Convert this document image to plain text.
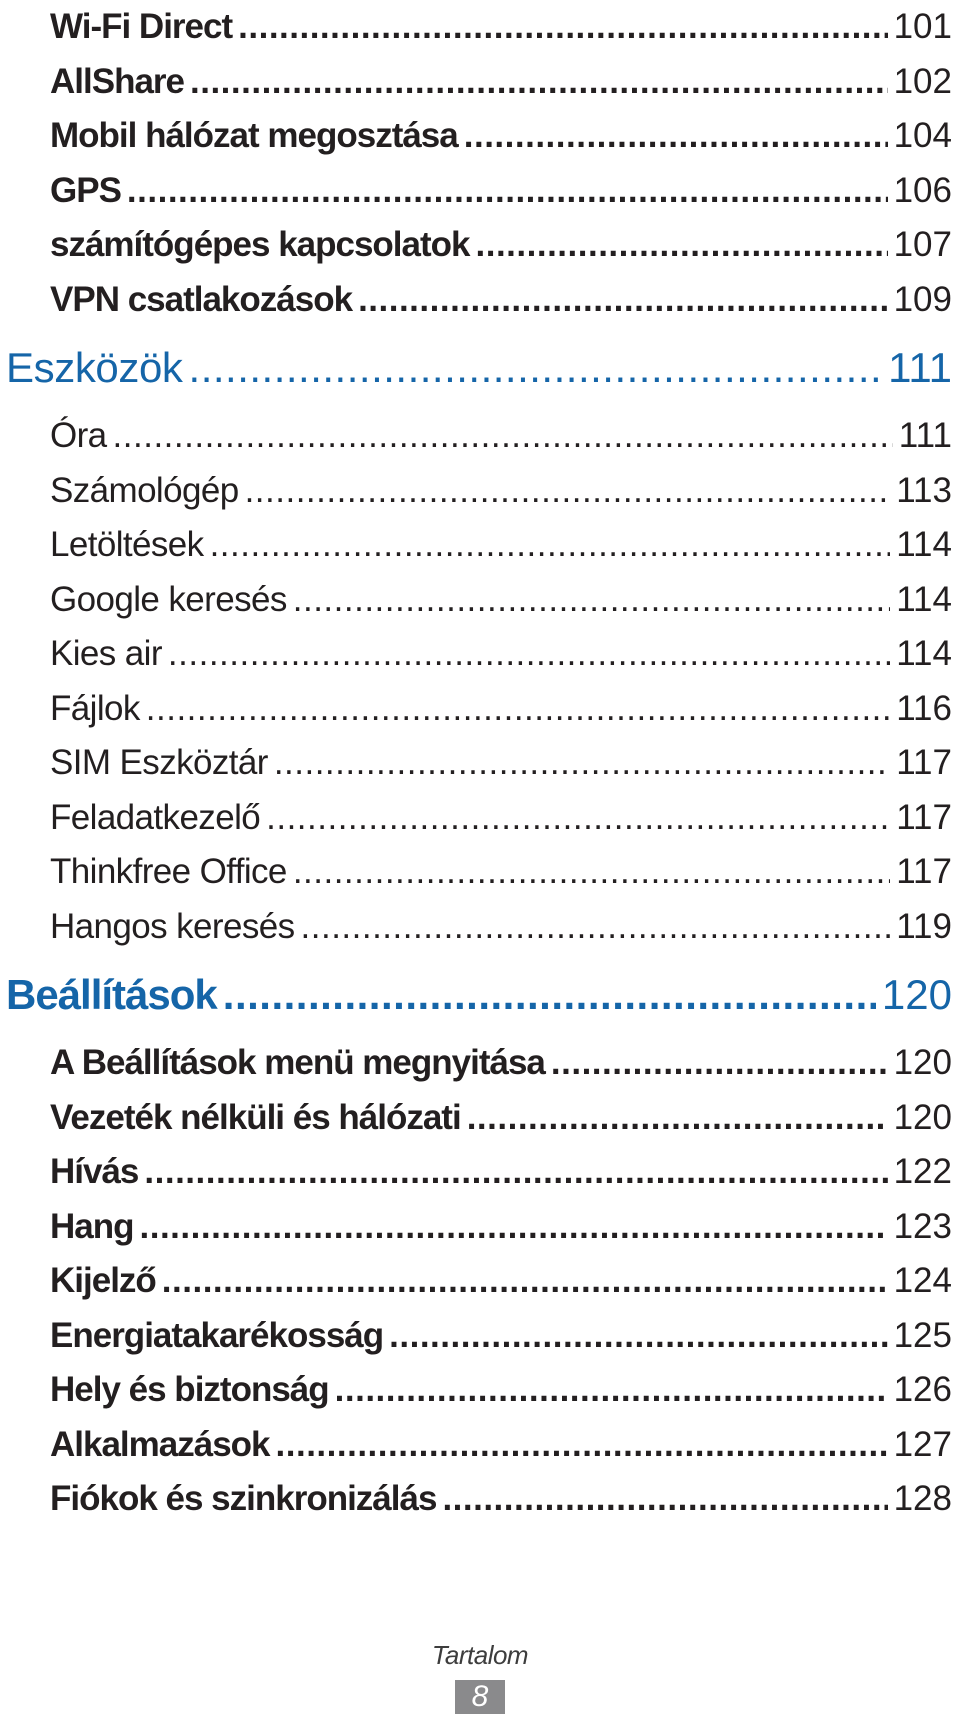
Wi-Fi Direct .....	101
AllShare .....	102
Mobil hálózat megosztása .....	104
GPS .....	106
számítógépes kapcsolatok .....	107
VPN csatlakozások .....	109
Eszközök .....	111
Óra .....	111
Számológép .....	113
Letöltések .....	114
Google keresés .....	114
Kies air .....	114
Fájlok .....	116
SIM Eszköztár .....	117
Feladatkezelő .....	117
Thinkfree Office .....	117
Hangos keresés .....	119
Beállítások .....	120
A Beállítások menü megnyitása .....	120
Vezeték nélküli és hálózati .....	120
Hívás .....	122
Hang .....	123
Kijelző .....	124
Energiatakarékosság .....	125
Hely és biztonság .....	126
Alkalmazások .....	127
Fiókok és szinkronizálás .....	128
Tartalom
8
